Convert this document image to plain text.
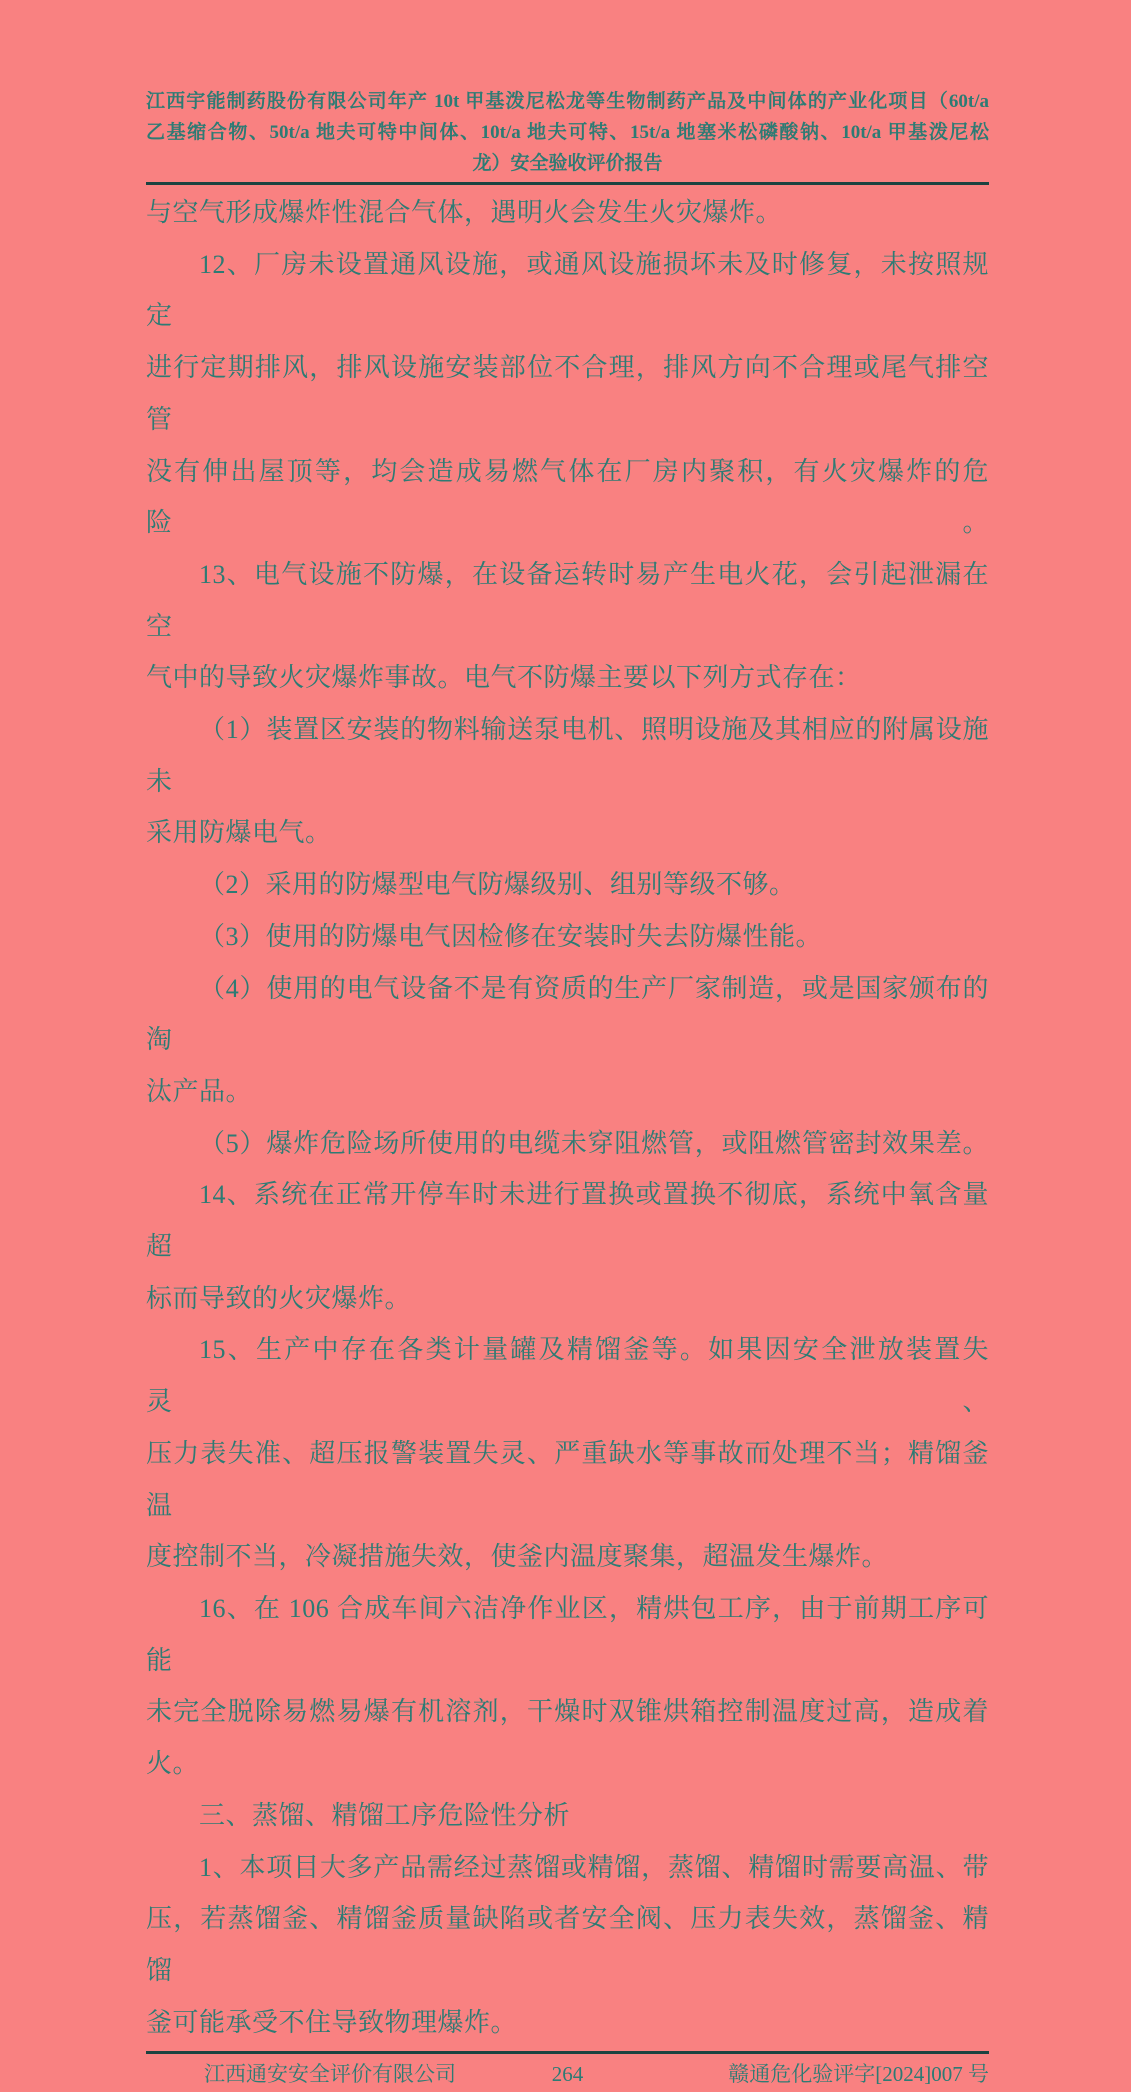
江西宇能制药股份有限公司年产 10t 甲基泼尼松龙等生物制药产品及中间体的产业化项目（60t/a
乙基缩合物、50t/a 地夫可特中间体、10t/a 地夫可特、15t/a 地塞米松磷酸钠、10t/a 甲基泼尼松
龙）安全验收评价报告
与空气形成爆炸性混合气体，遇明火会发生火灾爆炸。
12、厂房未设置通风设施，或通风设施损坏未及时修复，未按照规定
进行定期排风，排风设施安装部位不合理，排风方向不合理或尾气排空管
没有伸出屋顶等，均会造成易燃气体在厂房内聚积，有火灾爆炸的危险。
13、电气设施不防爆，在设备运转时易产生电火花，会引起泄漏在空
气中的导致火灾爆炸事故。电气不防爆主要以下列方式存在：
（1）装置区安装的物料输送泵电机、照明设施及其相应的附属设施未
采用防爆电气。
（2）采用的防爆型电气防爆级别、组别等级不够。
（3）使用的防爆电气因检修在安装时失去防爆性能。
（4）使用的电气设备不是有资质的生产厂家制造，或是国家颁布的淘
汰产品。
（5）爆炸危险场所使用的电缆未穿阻燃管，或阻燃管密封效果差。
14、系统在正常开停车时未进行置换或置换不彻底，系统中氧含量超
标而导致的火灾爆炸。
15、生产中存在各类计量罐及精馏釜等。如果因安全泄放装置失灵、
压力表失准、超压报警装置失灵、严重缺水等事故而处理不当；精馏釜温
度控制不当，冷凝措施失效，使釜内温度聚集，超温发生爆炸。
16、在 106 合成车间六洁净作业区，精烘包工序，由于前期工序可能
未完全脱除易燃易爆有机溶剂，干燥时双锥烘箱控制温度过高，造成着
火。
三、蒸馏、精馏工序危险性分析
1、本项目大多产品需经过蒸馏或精馏，蒸馏、精馏时需要高温、带
压，若蒸馏釜、精馏釜质量缺陷或者安全阀、压力表失效，蒸馏釜、精馏
釜可能承受不住导致物理爆炸。
江西通安安全评价有限公司	264	赣通危化验评字[2024]007 号
